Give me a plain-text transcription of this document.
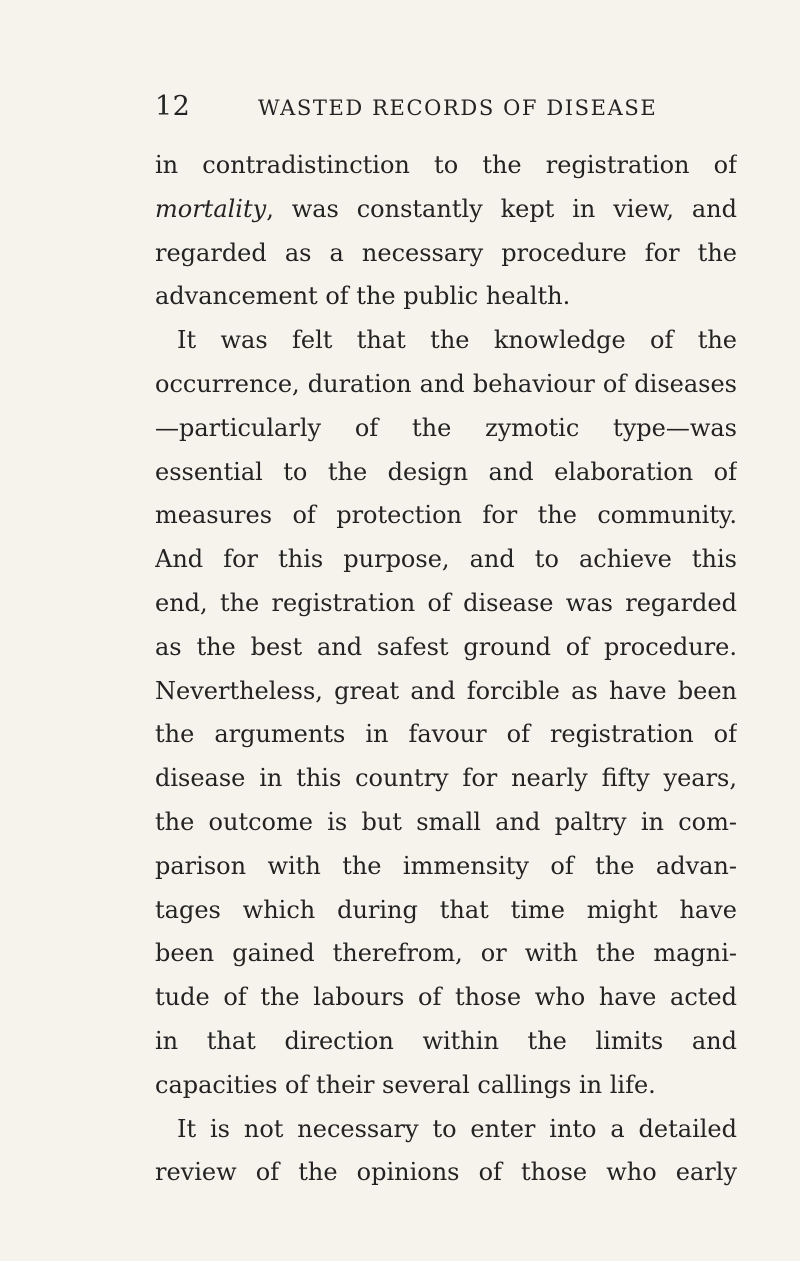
12	WASTED RECORDS OF DISEASE
in contradistinction to the registration of
mortality, was constantly kept in view, and
regarded as a necessary procedure for the
advancement of the public health.
It was felt that the knowledge of the
occurrence, duration and behaviour of diseases
—particularly of the zymotic type—was
essential to the design and elaboration of
measures of protection for the community.
And for this purpose, and to achieve this
end, the registration of disease was regarded
as the best and safest ground of procedure.
Nevertheless, great and forcible as have been
the arguments in favour of registration of
disease in this country for nearly fifty years,
the outcome is but small and paltry in com-
parison with the immensity of the advan-
tages which during that time might have
been gained therefrom, or with the magni-
tude of the labours of those who have acted
in that direction within the limits and
capacities of their several callings in life.
It is not necessary to enter into a detailed
review of the opinions of those who early
